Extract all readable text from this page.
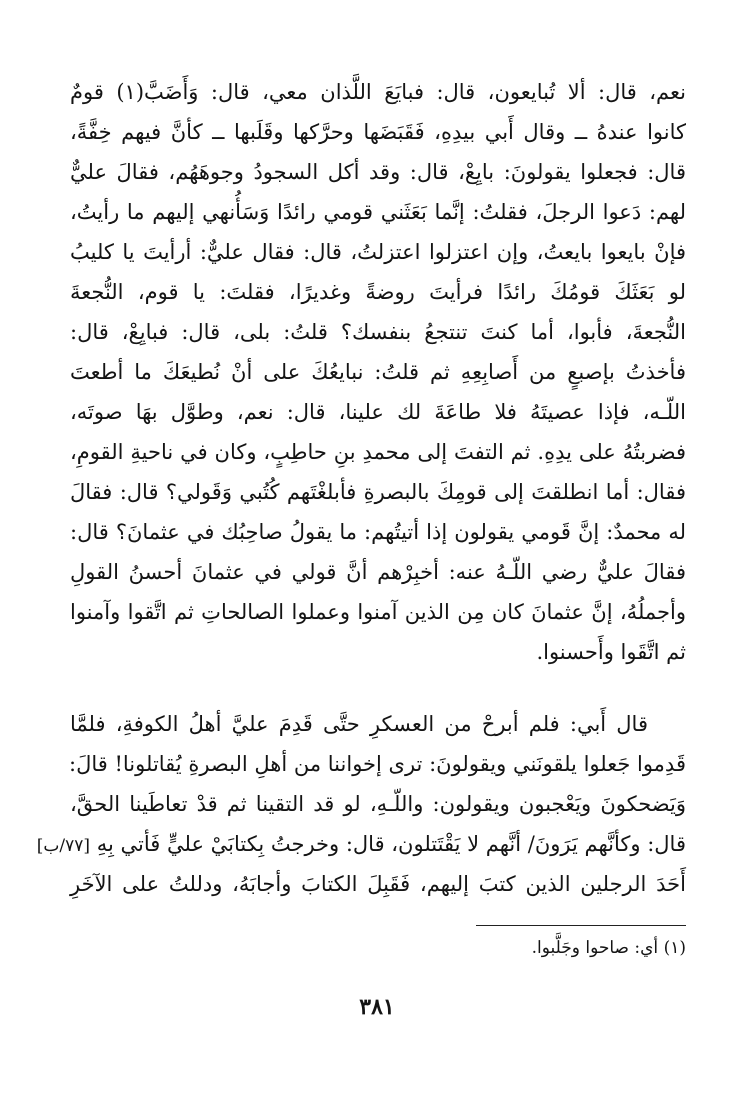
نعم، قال: ألا تُبايعون، قال: فبايَعَ اللَّذان معي، قال: وَأَضَبَّ(١) قومٌ
كانوا عندهُ ــ وقال أَبي بيدِهِ، فَقَبَضَها وحرَّكها وقَلَبها ــ كأنَّ فيهم خِفَّةً،
قال: فجعلوا يقولونَ: بايِعْ، قال: وقد أكل السجودُ وجوهَهُم، فقالَ عليٌّ
لهم: دَعوا الرجلَ، فقلتُ: إنَّما بَعَثَني قومي رائدًا وَسَأُنهي إليهم ما رأيتُ،
فإنْ بايعوا بايعتُ، وإن اعتزلوا اعتزلتُ، قال: فقال عليٌّ: أرأيتَ يا كليبُ
لو بَعَثَكَ قومُكَ رائدًا فرأيتَ روضةً وغديرًا، فقلتَ: يا قوم، النُّجعةَ
النُّجعةَ، فأبوا، أما كنتَ تنتجعُ بنفسك؟ قلتُ: بلى، قال: فبايِعْ، قال:
فأخذتُ بإصبعٍ من أَصابِعِهِ ثم قلتُ: نبايعُكَ على أنْ نُطيعَكَ ما أطعتَ
اللّـه، فإذا عصيتَهُ فلا طاعَةَ لك علينا، قال: نعم، وطوَّل بهَا صوتَه،
فضربتُهُ على يدِهِ. ثم التفتَ إلى محمدِ بنِ حاطِبٍ، وكان في ناحيةِ القومِ،
فقال: أما انطلقتَ إلى قومِكَ بالبصرةِ فأبلغْتَهم كُتُبي وَقَولي؟ قال: فقالَ
له محمدٌ: إنَّ قَومي يقولون إذا أتيتُهم: ما يقولُ صاحِبُك في عثمانَ؟ قال:
فقالَ عليٌّ رضي اللّـهُ عنه: أخبِرْهم أنَّ قولي في عثمانَ أحسنُ القولِ
وأجملُهُ، إنَّ عثمانَ كان مِن الذين آمنوا وعملوا الصالحاتِ ثم اتَّقوا وآمنوا
ثم اتَّقَوا وأَحسنوا.
قال أَبي: فلم أبرحْ من العسكرِ حتَّى قَدِمَ عليَّ أهلُ الكوفةِ، فلمَّا
قَدِموا جَعلوا يلقونَني ويقولونَ: ترى إخواننا من أهلِ البصرةِ يُقاتلونا! قالَ:
وَيَضحكونَ ويَعْجبون ويقولون: واللّـهِ، لو قد التقينا ثم قدْ تعاطَينا الحقَّ،
قال: وكأنَّهم يَرَونَ/ أنَّهم لا يَقْتَتلون، قال: وخرجتُ بِكتابَيْ عليٍّ فَأتي بِهِ [٧٧/ب]
أَحَدَ الرجلين الذين كتبَ إليهم، فَقَبِلَ الكتابَ وأجابَهُ، ودللتُ على الآخَرِ
(١) أي: صاحوا وجَلَّبوا.
٣٨١
